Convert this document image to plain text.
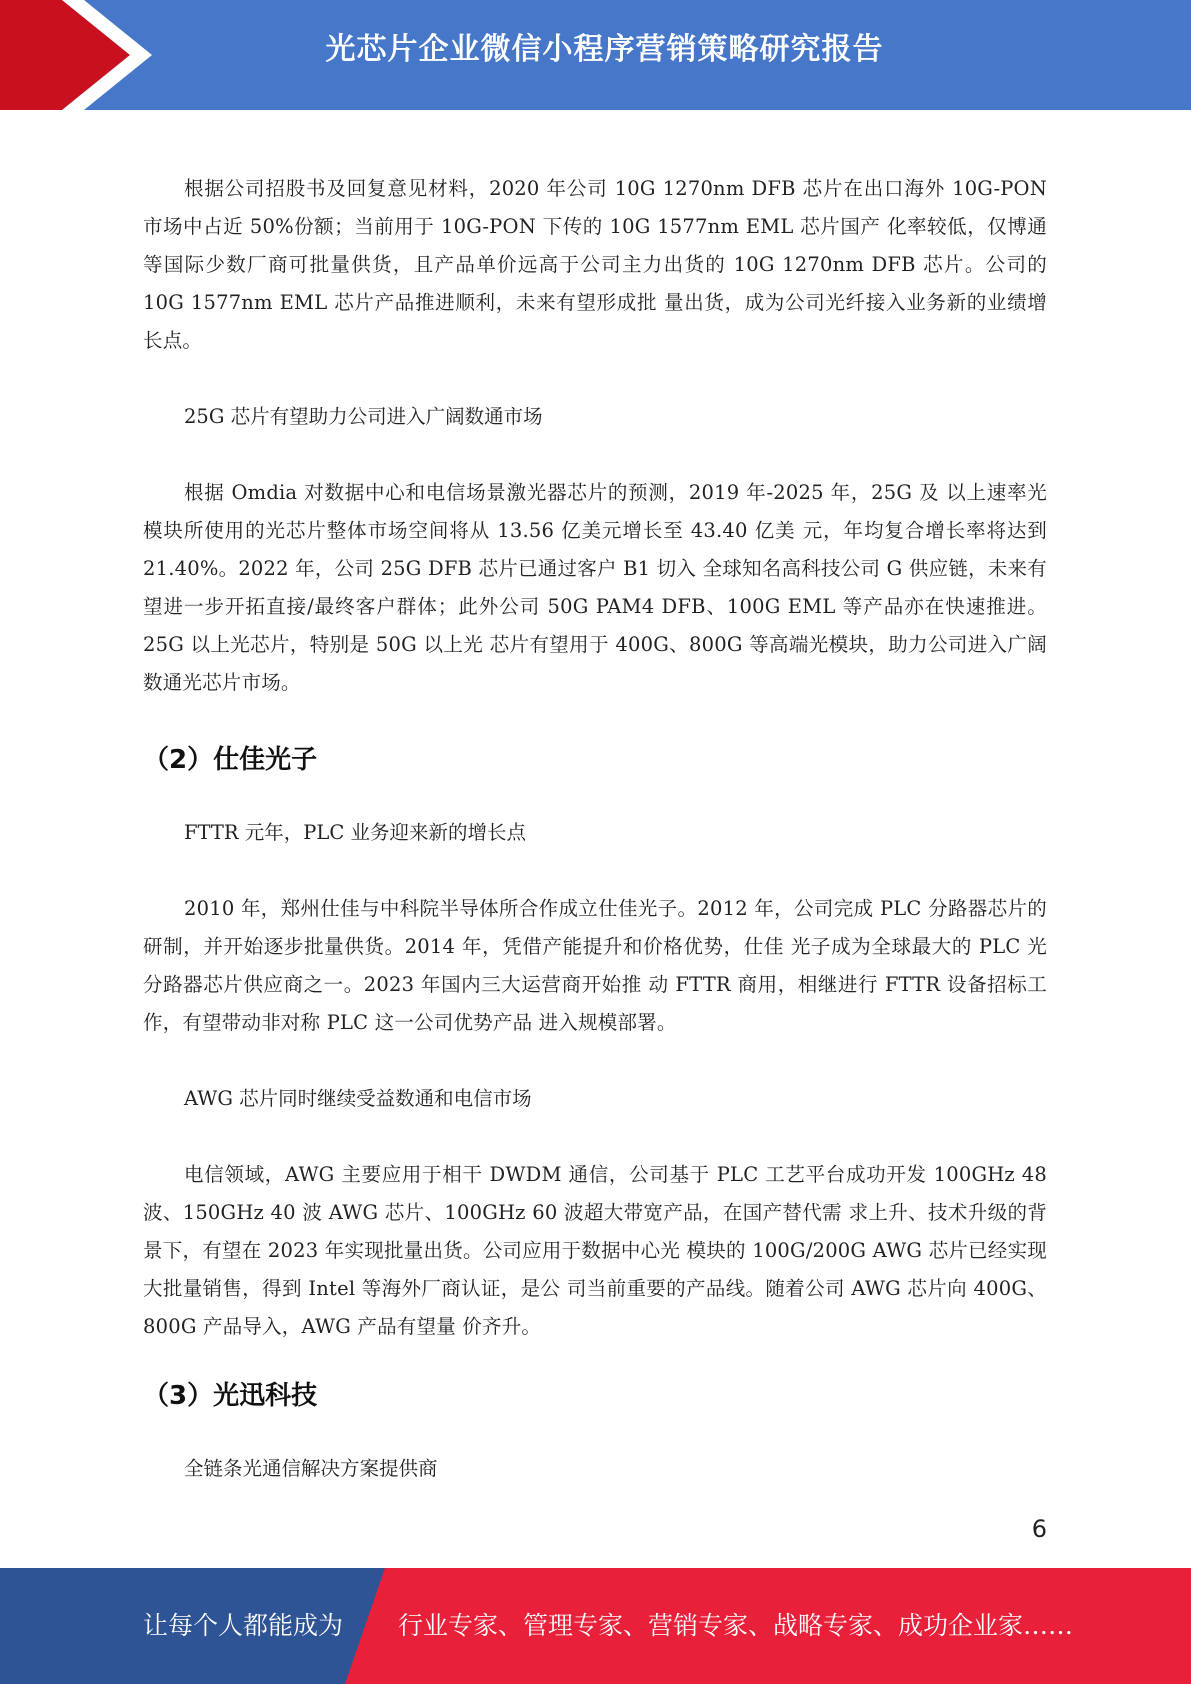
光芯片企业微信小程序营销策略研究报告

根据公司招股书及回复意见材料，2020 年公司 10G 1270nm DFB 芯片在出口海外 10G-PON 市场中占近 50%份额；当前用于 10G-PON 下传的 10G 1577nm EML 芯片国产 化率较低，仅博通等国际少数厂商可批量供货，且产品单价远高于公司主力出货的 10G 1270nm DFB 芯片。公司的 10G 1577nm EML 芯片产品推进顺利，未来有望形成批 量出货，成为公司光纤接入业务新的业绩增长点。

25G 芯片有望助力公司进入广阔数通市场

根据 Omdia 对数据中心和电信场景激光器芯片的预测，2019 年-2025 年，25G 及 以上速率光模块所使用的光芯片整体市场空间将从 13.56 亿美元增长至 43.40 亿美 元，年均复合增长率将达到 21.40%。2022 年，公司 25G DFB 芯片已通过客户 B1 切入 全球知名高科技公司 G 供应链，未来有望进一步开拓直接/最终客户群体；此外公司 50G PAM4 DFB、100G EML 等产品亦在快速推进。25G 以上光芯片，特别是 50G 以上光 芯片有望用于 400G、800G 等高端光模块，助力公司进入广阔数通光芯片市场。

（2）仕佳光子

FTTR 元年，PLC 业务迎来新的增长点

2010 年，郑州仕佳与中科院半导体所合作成立仕佳光子。2012 年，公司完成 PLC 分路器芯片的研制，并开始逐步批量供货。2014 年，凭借产能提升和价格优势，仕佳 光子成为全球最大的 PLC 光分路器芯片供应商之一。2023 年国内三大运营商开始推 动 FTTR 商用，相继进行 FTTR 设备招标工作，有望带动非对称 PLC 这一公司优势产品 进入规模部署。

AWG 芯片同时继续受益数通和电信市场

电信领域，AWG 主要应用于相干 DWDM 通信，公司基于 PLC 工艺平台成功开发 100GHz 48 波、150GHz 40 波 AWG 芯片、100GHz 60 波超大带宽产品，在国产替代需 求上升、技术升级的背景下，有望在 2023 年实现批量出货。公司应用于数据中心光 模块的 100G/200G AWG 芯片已经实现大批量销售，得到 Intel 等海外厂商认证，是公 司当前重要的产品线。随着公司 AWG 芯片向 400G、800G 产品导入，AWG 产品有望量 价齐升。

（3）光迅科技

全链条光通信解决方案提供商

6
让每个人都能成为 行业专家、管理专家、营销专家、战略专家、成功企业家……
